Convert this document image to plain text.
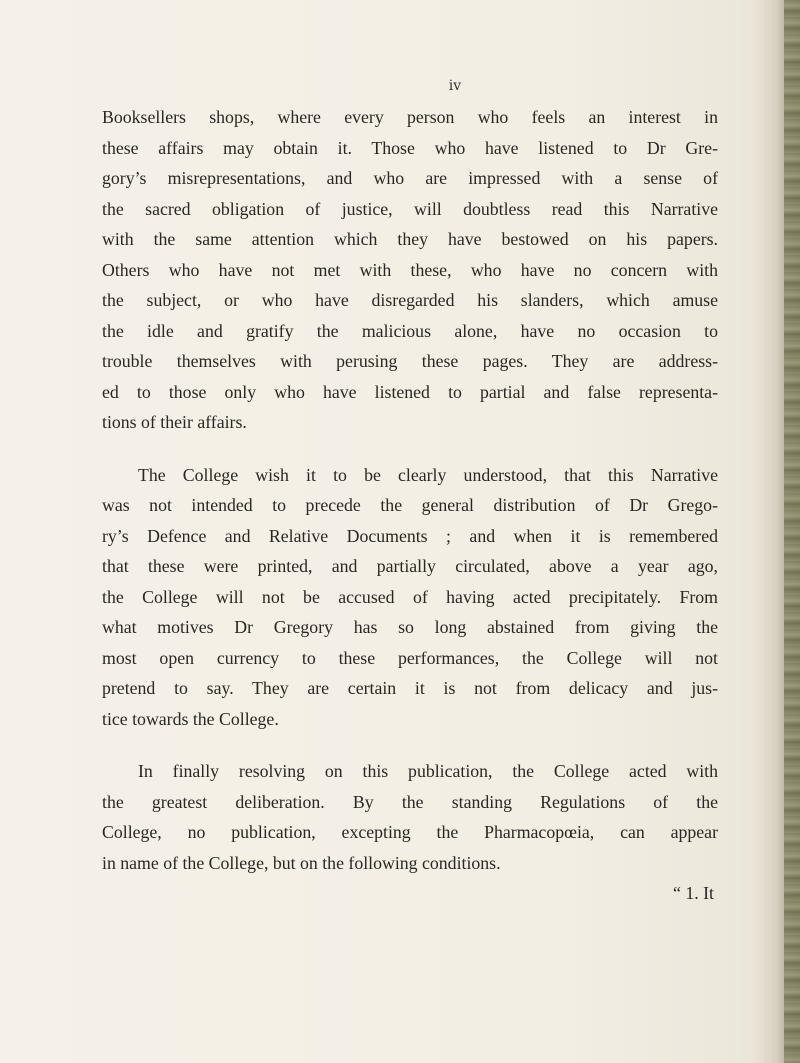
iv
Booksellers shops, where every person who feels an interest in
these affairs may obtain it. Those who have listened to Dr Gre-
gory’s misrepresentations, and who are impressed with a sense of
the sacred obligation of justice, will doubtless read this Narrative
with the same attention which they have bestowed on his papers.
Others who have not met with these, who have no concern with
the subject, or who have disregarded his slanders, which amuse
the idle and gratify the malicious alone, have no occasion to
trouble themselves with perusing these pages. They are address-
ed to those only who have listened to partial and false representa-
tions of their affairs.
The College wish it to be clearly understood, that this Narrative
was not intended to precede the general distribution of Dr Grego-
ry’s Defence and Relative Documents ; and when it is remembered
that these were printed, and partially circulated, above a year ago,
the College will not be accused of having acted precipitately. From
what motives Dr Gregory has so long abstained from giving the
most open currency to these performances, the College will not
pretend to say. They are certain it is not from delicacy and jus-
tice towards the College.
In finally resolving on this publication, the College acted with
the greatest deliberation. By the standing Regulations of the
College, no publication, excepting the Pharmacopœia, can appear
in name of the College, but on the following conditions.
“ 1. It
